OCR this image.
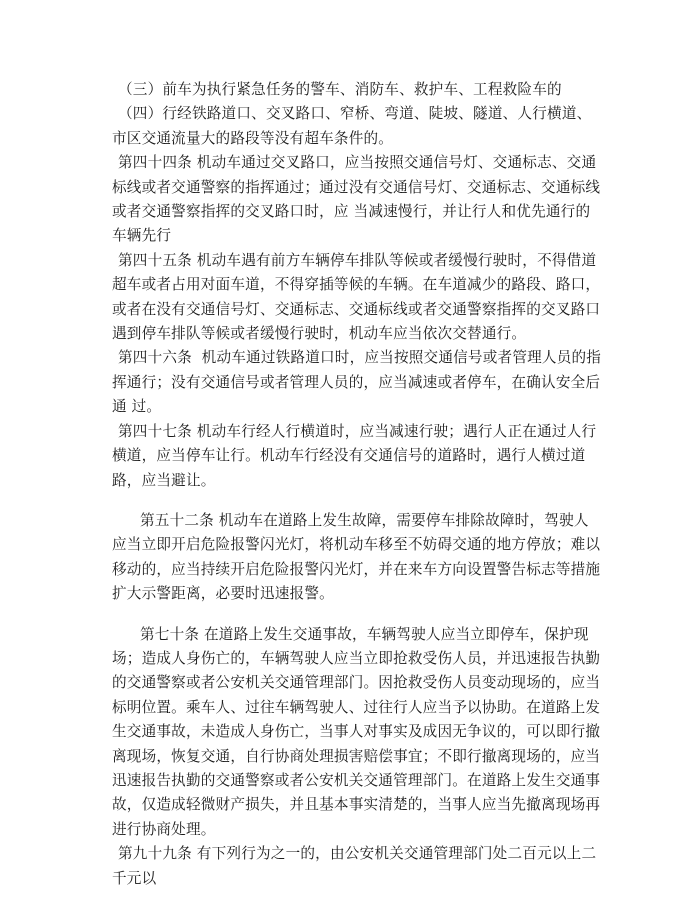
（三）前车为执行紧急任务的警车、消防车、救护车、工程救险车的

（四）行经铁路道口、交叉路口、窄桥、弯道、陡坡、隧道、人行横道、市区交通流量大的路段等没有超车条件的。

第四十四条 机动车通过交叉路口，应当按照交通信号灯、交通标志、交通标线或者交通警察的指挥通过；通过没有交通信号灯、交通标志、交通标线或者交通警察指挥的交叉路口时，应 当减速慢行，并让行人和优先通行的车辆先行

第四十五条 机动车遇有前方车辆停车排队等候或者缓慢行驶时，不得借道超车或者占用对面车道，不得穿插等候的车辆。在车道减少的路段、路口，或者在没有交通信号灯、交通标志、交通标线或者交通警察指挥的交叉路口遇到停车排队等候或者缓慢行驶时，机动车应当依次交替通行。

第四十六条  机动车通过铁路道口时，应当按照交通信号或者管理人员的指挥通行；没有交通信号或者管理人员的，应当减速或者停车，在确认安全后通 过。

第四十七条 机动车行经人行横道时，应当减速行驶；遇行人正在通过人行横道，应当停车让行。机动车行经没有交通信号的道路时，遇行人横过道路，应当避让。

第五十二条 机动车在道路上发生故障，需要停车排除故障时，驾驶人应当立即开启危险报警闪光灯，将机动车移至不妨碍交通的地方停放；难以移动的，应当持续开启危险报警闪光灯，并在来车方向设置警告标志等措施扩大示警距离，必要时迅速报警。

第七十条 在道路上发生交通事故，车辆驾驶人应当立即停车，保护现场；造成人身伤亡的，车辆驾驶人应当立即抢救受伤人员，并迅速报告执勤的交通警察或者公安机关交通管理部门。因抢救受伤人员变动现场的，应当标明位置。乘车人、过往车辆驾驶人、过往行人应当予以协助。在道路上发生交通事故，未造成人身伤亡，当事人对事实及成因无争议的，可以即行撤离现场，恢复交通，自行协商处理损害赔偿事宜；不即行撤离现场的，应当迅速报告执勤的交通警察或者公安机关交通管理部门。在道路上发生交通事故，仅造成轻微财产损失，并且基本事实清楚的，当事人应当先撤离现场再进行协商处理。

第九十九条 有下列行为之一的，由公安机关交通管理部门处二百元以上二千元以
